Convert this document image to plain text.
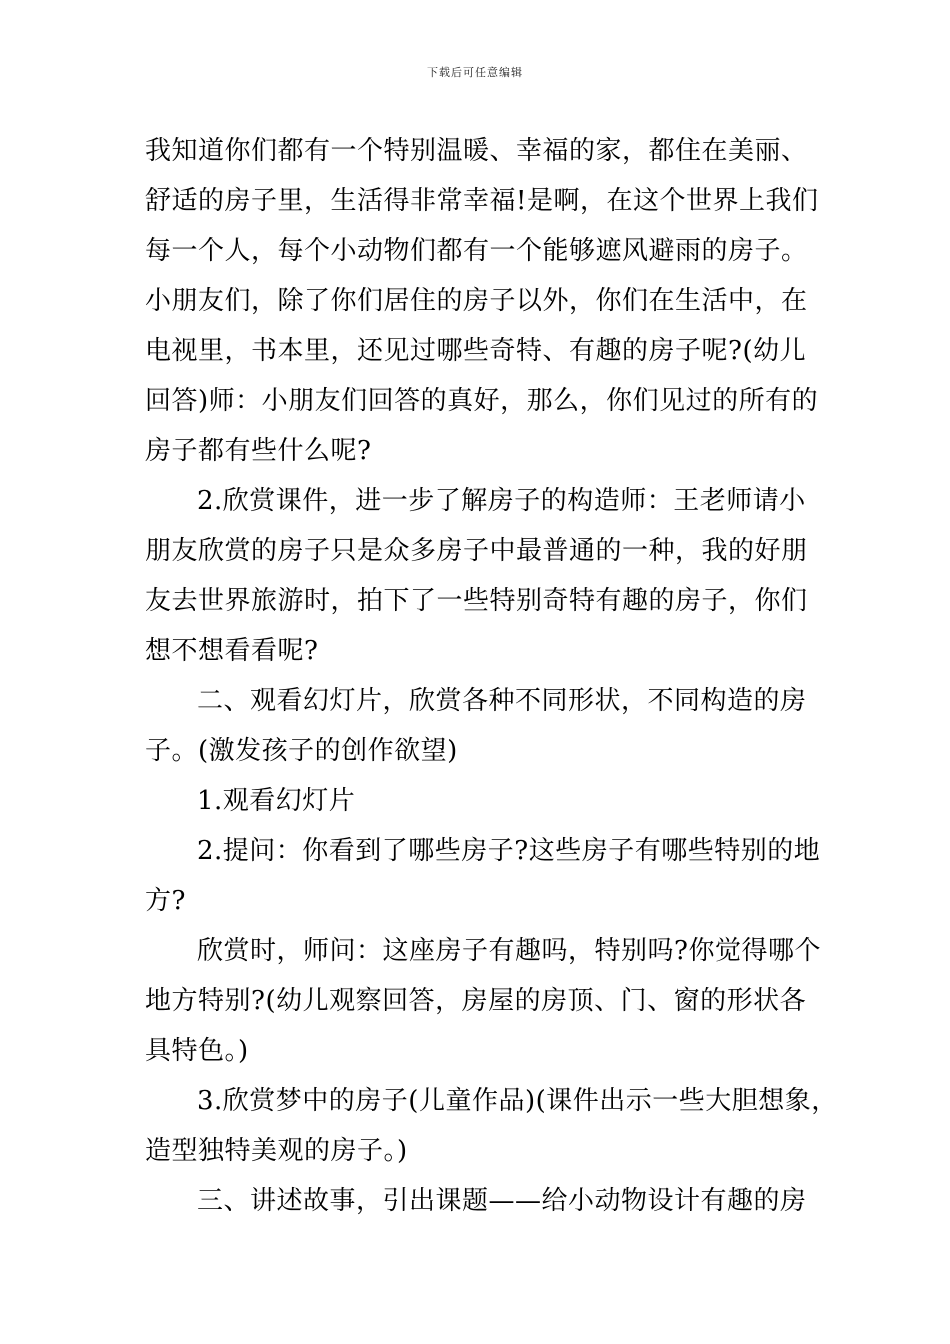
下载后可任意编辑
我知道你们都有一个特别温暖、幸福的家，都住在美丽、
舒适的房子里，生活得非常幸福!是啊，在这个世界上我们
每一个人，每个小动物们都有一个能够遮风避雨的房子。
小朋友们，除了你们居住的房子以外，你们在生活中，在
电视里，书本里，还见过哪些奇特、有趣的房子呢?(幼儿
回答)师：小朋友们回答的真好，那么，你们见过的所有的
房子都有些什么呢?
2.欣赏课件，进一步了解房子的构造师：王老师请小
朋友欣赏的房子只是众多房子中最普通的一种，我的好朋
友去世界旅游时，拍下了一些特别奇特有趣的房子，你们
想不想看看呢?
二、观看幻灯片，欣赏各种不同形状，不同构造的房
子。(激发孩子的创作欲望)
1.观看幻灯片
2.提问：你看到了哪些房子?这些房子有哪些特别的地
方?
欣赏时，师问：这座房子有趣吗，特别吗?你觉得哪个
地方特别?(幼儿观察回答，房屋的房顶、门、窗的形状各
具特色。)
3.欣赏梦中的房子(儿童作品)(课件出示一些大胆想象，
造型独特美观的房子。)
三、讲述故事，引出课题——给小动物设计有趣的房
